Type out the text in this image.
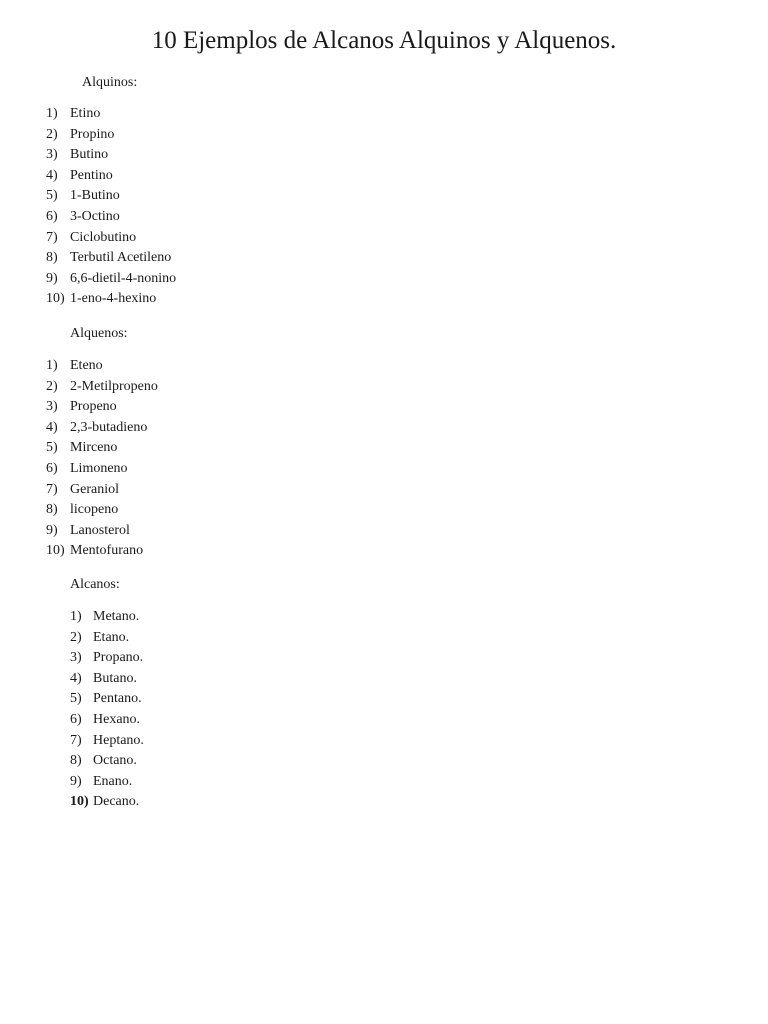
10 Ejemplos de Alcanos Alquinos y Alquenos.

Alquinos:

1) Etino
2) Propino
3) Butino
4) Pentino
5) 1-Butino
6) 3-Octino
7) Ciclobutino
8) Terbutil Acetileno
9) 6,6-dietil-4-nonino
10) 1-eno-4-hexino

Alquenos:

1) Eteno
2) 2-Metilpropeno
3) Propeno
4) 2,3-butadieno
5) Mirceno
6) Limoneno
7) Geraniol
8) licopeno
9) Lanosterol
10) Mentofurano

Alcanos:

1) Metano.
2) Etano.
3) Propano.
4) Butano.
5) Pentano.
6) Hexano.
7) Heptano.
8) Octano.
9) Enano.
10) Decano.
